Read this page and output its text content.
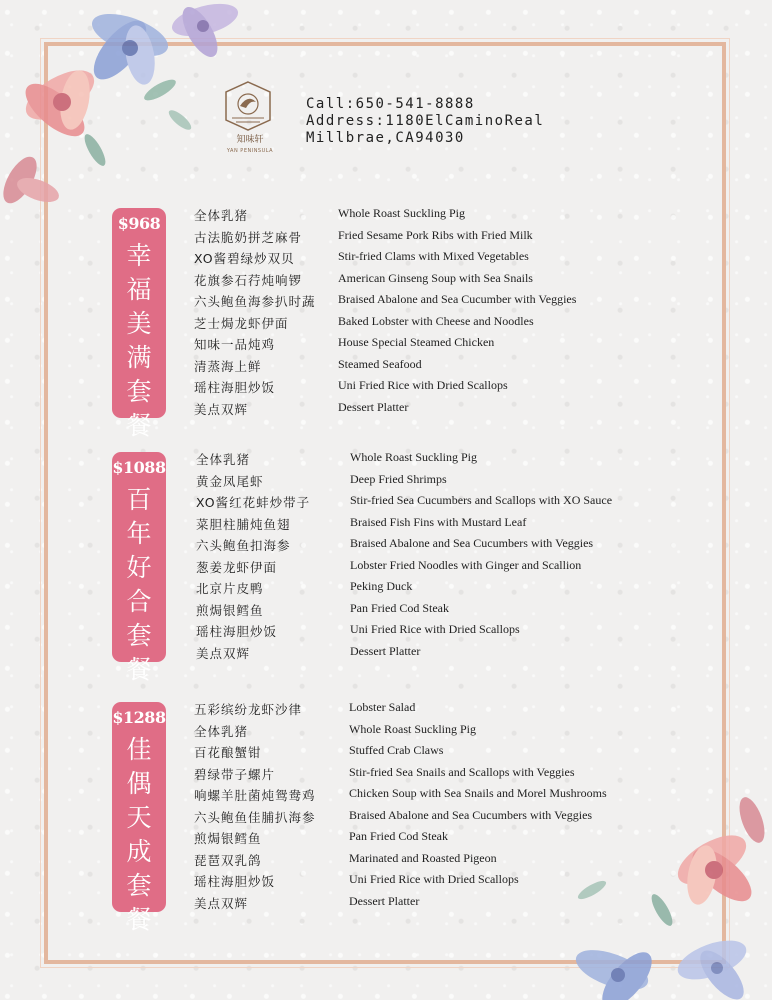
知味轩
YAN PENINSULA
Call:650-541-8888
Address:1180ElCaminoReal
Millbrae,CA94030
$968
幸
福
美
满
套
餐
全体乳猪	Whole Roast Suckling Pig
古法脆奶拼芝麻骨	Fried Sesame Pork Ribs with Fried Milk
XO酱碧绿炒双贝	Stir-fried Clams with Mixed Vegetables
花旗参石荇炖响锣	American Ginseng Soup with Sea Snails
六头鲍鱼海参扒时蔬 Braised Abalone and Sea Cucumber with Veggies
芝士焗龙虾伊面	Baked Lobster with Cheese and Noodles
知味一品炖鸡	House Special Steamed Chicken
清蒸海上鲜	Steamed Seafood
瑶柱海胆炒饭	Uni Fried Rice with Dried Scallops
美点双辉	Dessert Platter
$1088
百
年
好
合
套
餐
全体乳猪	Whole Roast Suckling Pig
黄金凤尾虾	Deep Fried Shrimps
XO酱红花蚌炒带子	Stir-fried Sea Cucumbers and Scallops with XO Sauce
菜胆柱脯炖鱼翅	Braised Fish Fins with Mustard Leaf
六头鲍鱼扣海参	Braised Abalone and Sea Cucumbers with Veggies
葱姜龙虾伊面	Lobster Fried Noodles with Ginger and Scallion
北京片皮鸭	Peking Duck
煎焗银鳕鱼	Pan Fried Cod Steak
瑶柱海胆炒饭	Uni Fried Rice with Dried Scallops
美点双辉	Dessert Platter
$1288
佳
偶
天
成
套
餐
五彩缤纷龙虾沙律	Lobster Salad
全体乳猪	Whole Roast Suckling Pig
百花酿蟹钳	Stuffed Crab Claws
碧绿带子螺片	Stir-fried Sea Snails and Scallops with Veggies
响螺羊肚菌炖鸳鸯鸡	Chicken Soup with Sea Snails and Morel Mushrooms
六头鲍鱼佳脯扒海参	Braised Abalone and Sea Cucumbers with Veggies
煎焗银鳕鱼	Pan Fried Cod Steak
琵琶双乳鸽	Marinated and Roasted Pigeon
瑶柱海胆炒饭	Uni Fried Rice with Dried Scallops
美点双辉	Dessert Platter
